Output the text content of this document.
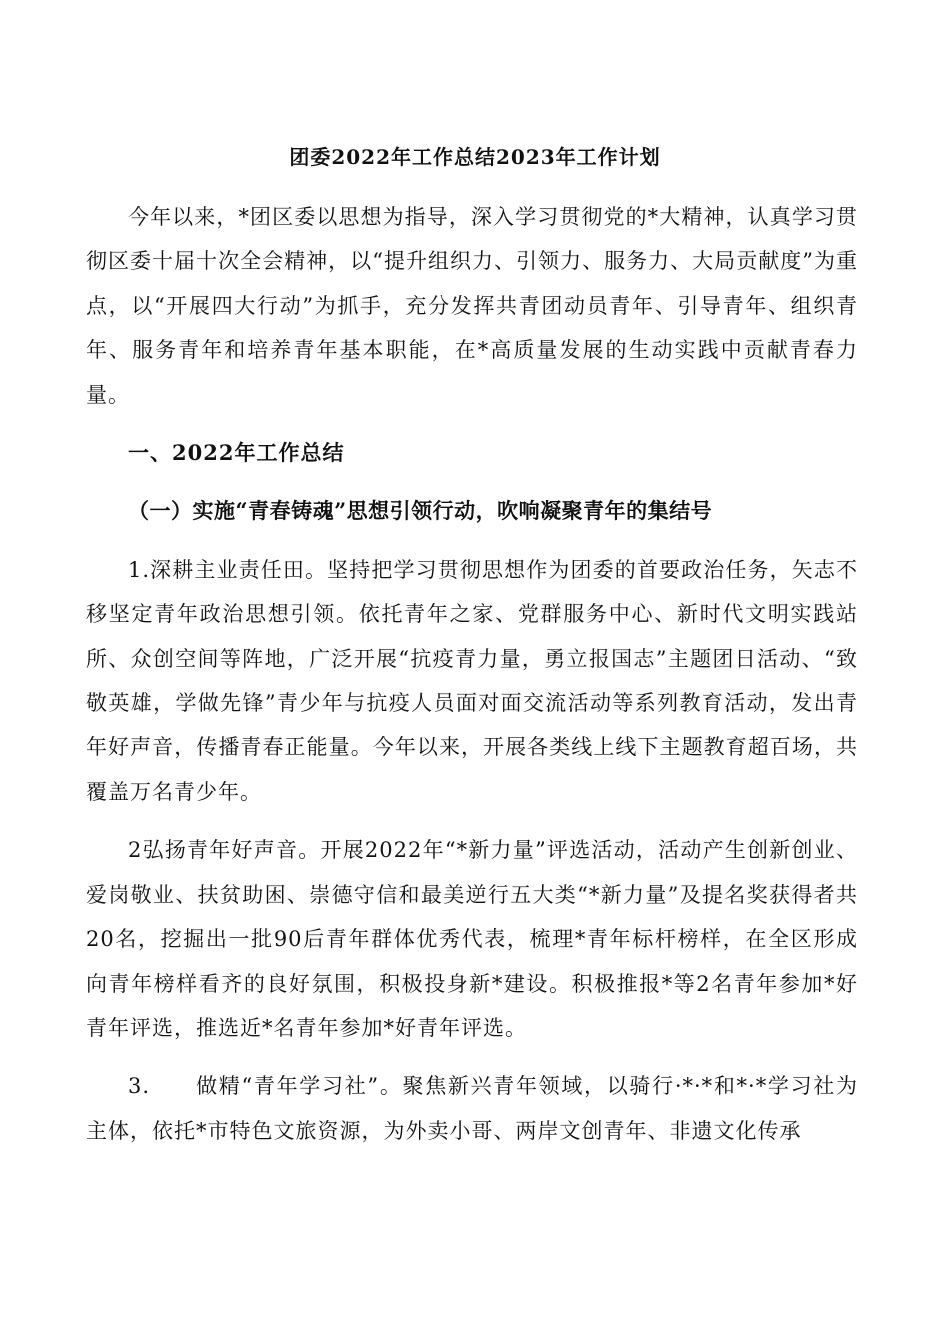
团委2022年工作总结2023年工作计划

今年以来，*团区委以思想为指导，深入学习贯彻党的*大精神，认真学习贯彻区委十届十次全会精神，以“提升组织力、引领力、服务力、大局贡献度”为重点，以“开展四大行动”为抓手，充分发挥共青团动员青年、引导青年、组织青年、服务青年和培养青年基本职能，在*高质量发展的生动实践中贡献青春力量。

一、2022年工作总结
（一）实施“青春铸魂”思想引领行动，吹响凝聚青年的集结号

1.深耕主业责任田。坚持把学习贯彻思想作为团委的首要政治任务，矢志不移坚定青年政治思想引领。依托青年之家、党群服务中心、新时代文明实践站所、众创空间等阵地，广泛开展“抗疫青力量，勇立报国志”主题团日活动、“致敬英雄，学做先锋”青少年与抗疫人员面对面交流活动等系列教育活动，发出青年好声音，传播青春正能量。今年以来，开展各类线上线下主题教育超百场，共覆盖万名青少年。

2弘扬青年好声音。开展2022年“*新力量”评选活动，活动产生创新创业、爱岗敬业、扶贫助困、崇德守信和最美逆行五大类“*新力量”及提名奖获得者共20名，挖掘出一批90后青年群体优秀代表，梳理*青年标杆榜样，在全区形成向青年榜样看齐的良好氛围，积极投身新*建设。积极推报*等2名青年参加*好青年评选，推选近*名青年参加*好青年评选。

3.　　做精“青年学习社”。聚焦新兴青年领域，以骑行·*·*和*·*学习社为主体，依托*市特色文旅资源，为外卖小哥、两岸文创青年、非遗文化传承
